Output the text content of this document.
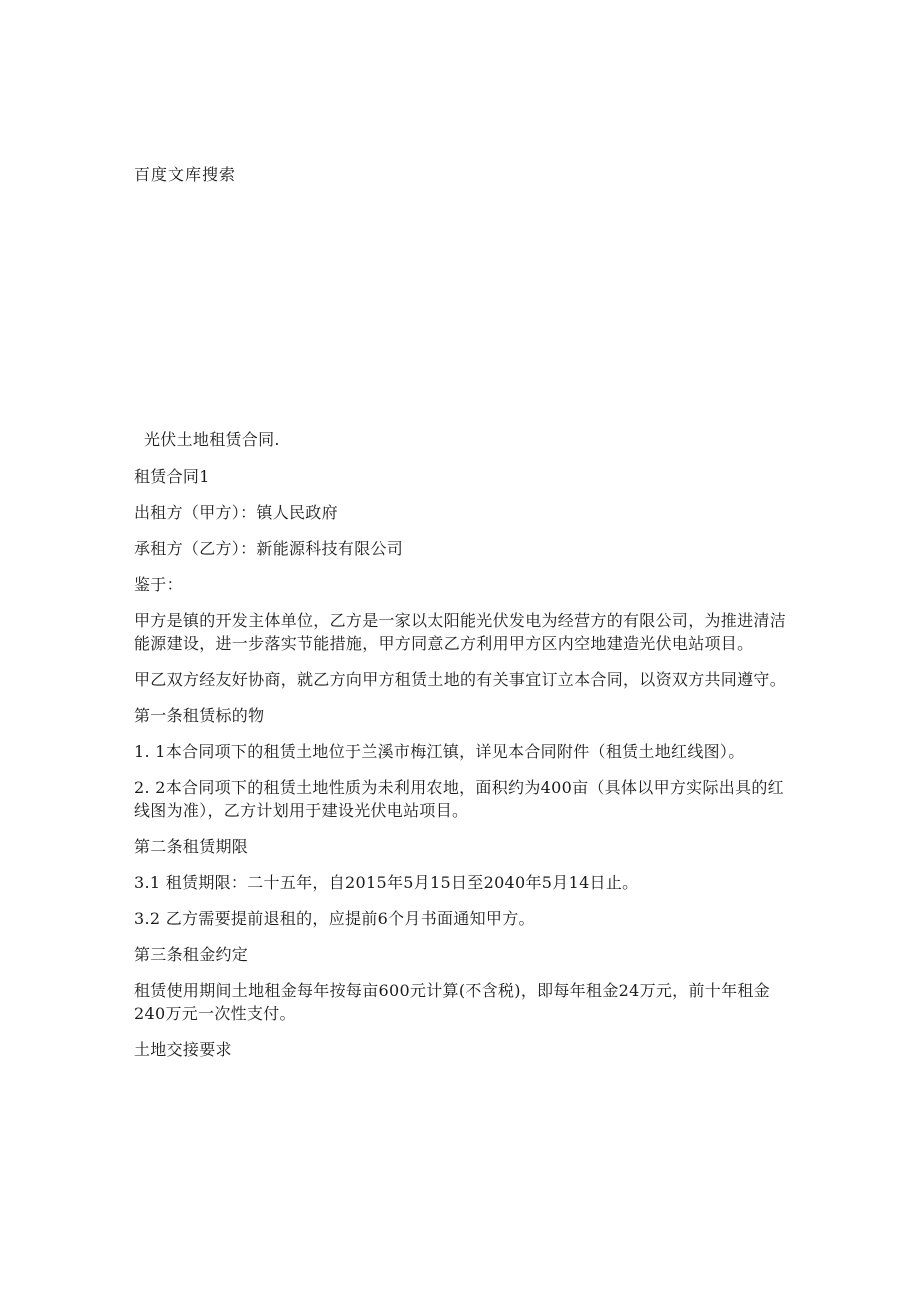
百度文库搜索

光伏土地租赁合同.

租赁合同1

出租方（甲方）：镇人民政府

承租方（乙方）：新能源科技有限公司

鉴于：

甲方是镇的开发主体单位，乙方是一家以太阳能光伏发电为经营方的有限公司，为推进清洁能源建设，进一步落实节能措施，甲方同意乙方利用甲方区内空地建造光伏电站项目。

甲乙双方经友好协商，就乙方向甲方租赁土地的有关事宜订立本合同，以资双方共同遵守。

第一条租赁标的物

1. 1本合同项下的租赁土地位于兰溪市梅江镇，详见本合同附件（租赁土地红线图）。

2. 2本合同项下的租赁土地性质为未利用农地，面积约为400亩（具体以甲方实际出具的红线图为准），乙方计划用于建设光伏电站项目。

第二条租赁期限

3.1 租赁期限：二十五年，自2015年5月15日至2040年5月14日止。

3.2 乙方需要提前退租的，应提前6个月书面通知甲方。

第三条租金约定

租赁使用期间土地租金每年按每亩600元计算(不含税)，即每年租金24万元，前十年租金240万元一次性支付。

土地交接要求
